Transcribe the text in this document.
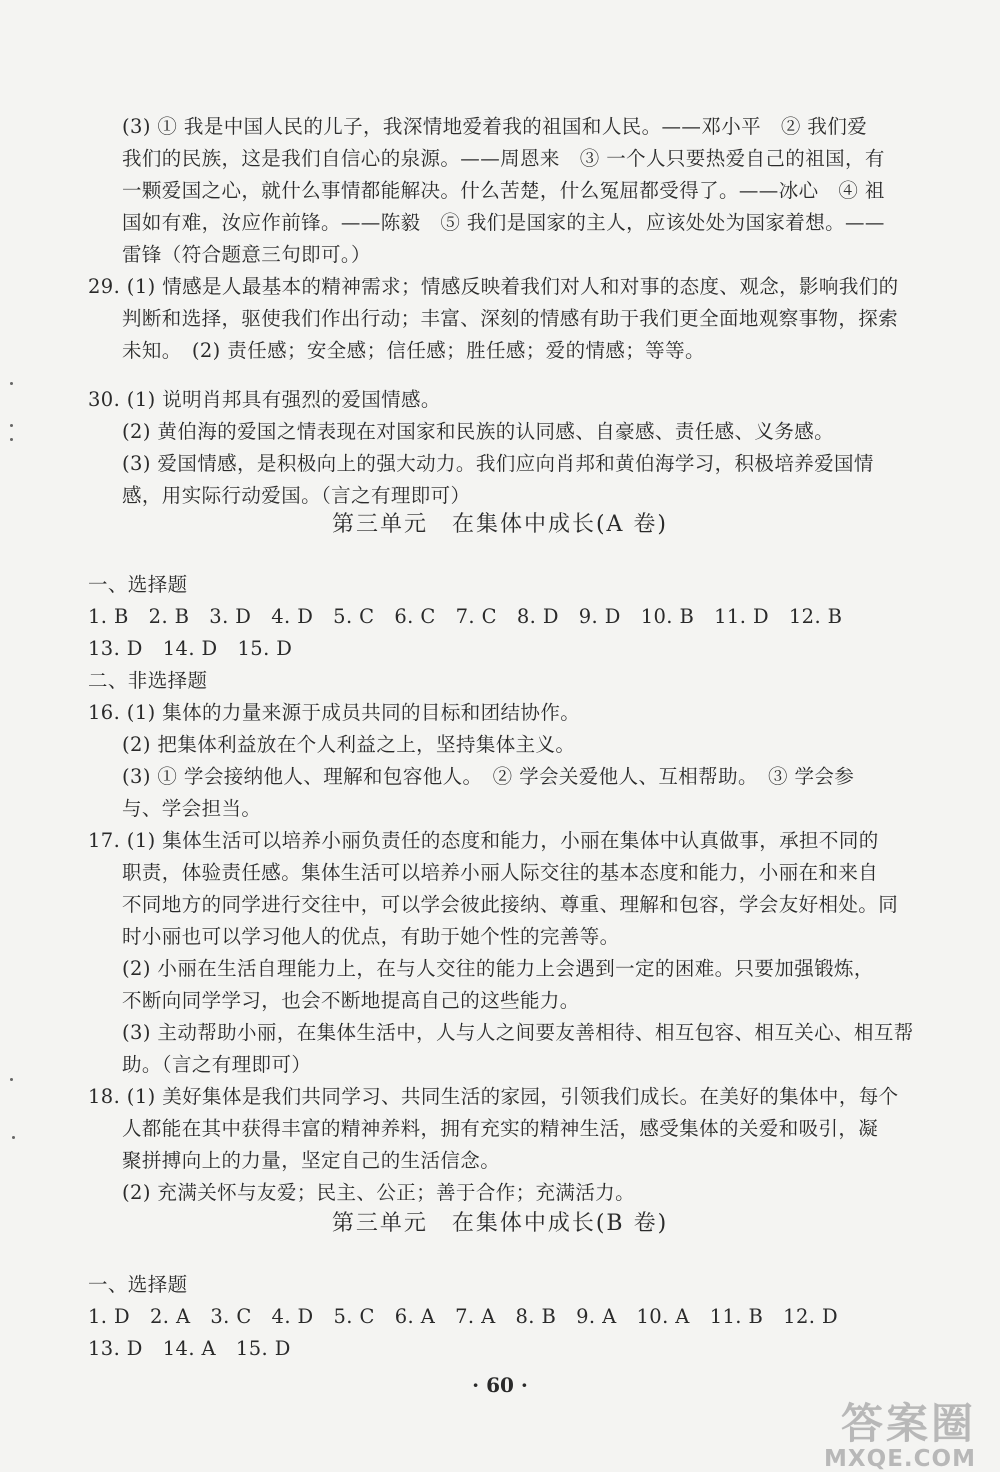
(3) ① 我是中国人民的儿子，我深情地爱着我的祖国和人民。——邓小平　② 我们爱
我们的民族，这是我们自信心的泉源。——周恩来　③ 一个人只要热爱自己的祖国，有
一颗爱国之心，就什么事情都能解决。什么苦楚，什么冤屈都受得了。——冰心　④ 祖
国如有难，汝应作前锋。——陈毅　⑤ 我们是国家的主人，应该处处为国家着想。——
雷锋（符合题意三句即可。）
29. (1) 情感是人最基本的精神需求；情感反映着我们对人和对事的态度、观念，影响我们的
判断和选择，驱使我们作出行动；丰富、深刻的情感有助于我们更全面地观察事物，探索
未知。　(2) 责任感；安全感；信任感；胜任感；爱的情感；等等。
30. (1) 说明肖邦具有强烈的爱国情感。
(2) 黄伯海的爱国之情表现在对国家和民族的认同感、自豪感、责任感、义务感。
(3) 爱国情感，是积极向上的强大动力。我们应向肖邦和黄伯海学习，积极培养爱国情
感，用实际行动爱国。（言之有理即可）
第三单元　在集体中成长(A 卷)
一、选择题
1. B　2. B　3. D　4. D　5. C　6. C　7. C　8. D　9. D　10. B　11. D　12. B
13. D　14. D　15. D
二、非选择题
16. (1) 集体的力量来源于成员共同的目标和团结协作。
(2) 把集体利益放在个人利益之上，坚持集体主义。
(3) ① 学会接纳他人、理解和包容他人。　② 学会关爱他人、互相帮助。　③ 学会参
与、学会担当。
17. (1) 集体生活可以培养小丽负责任的态度和能力，小丽在集体中认真做事，承担不同的
职责，体验责任感。集体生活可以培养小丽人际交往的基本态度和能力，小丽在和来自
不同地方的同学进行交往中，可以学会彼此接纳、尊重、理解和包容，学会友好相处。同
时小丽也可以学习他人的优点，有助于她个性的完善等。
(2) 小丽在生活自理能力上，在与人交往的能力上会遇到一定的困难。只要加强锻炼，
不断向同学学习，也会不断地提高自己的这些能力。
(3) 主动帮助小丽，在集体生活中，人与人之间要友善相待、相互包容、相互关心、相互帮
助。（言之有理即可）
18. (1) 美好集体是我们共同学习、共同生活的家园，引领我们成长。在美好的集体中，每个
人都能在其中获得丰富的精神养料，拥有充实的精神生活，感受集体的关爱和吸引，凝
聚拼搏向上的力量，坚定自己的生活信念。
(2) 充满关怀与友爱；民主、公正；善于合作；充满活力。
第三单元　在集体中成长(B 卷)
一、选择题
1. D　2. A　3. C　4. D　5. C　6. A　7. A　8. B　9. A　10. A　11. B　12. D
13. D　14. A　15. D
· 60 ·
答案圈
MXQE.COM
